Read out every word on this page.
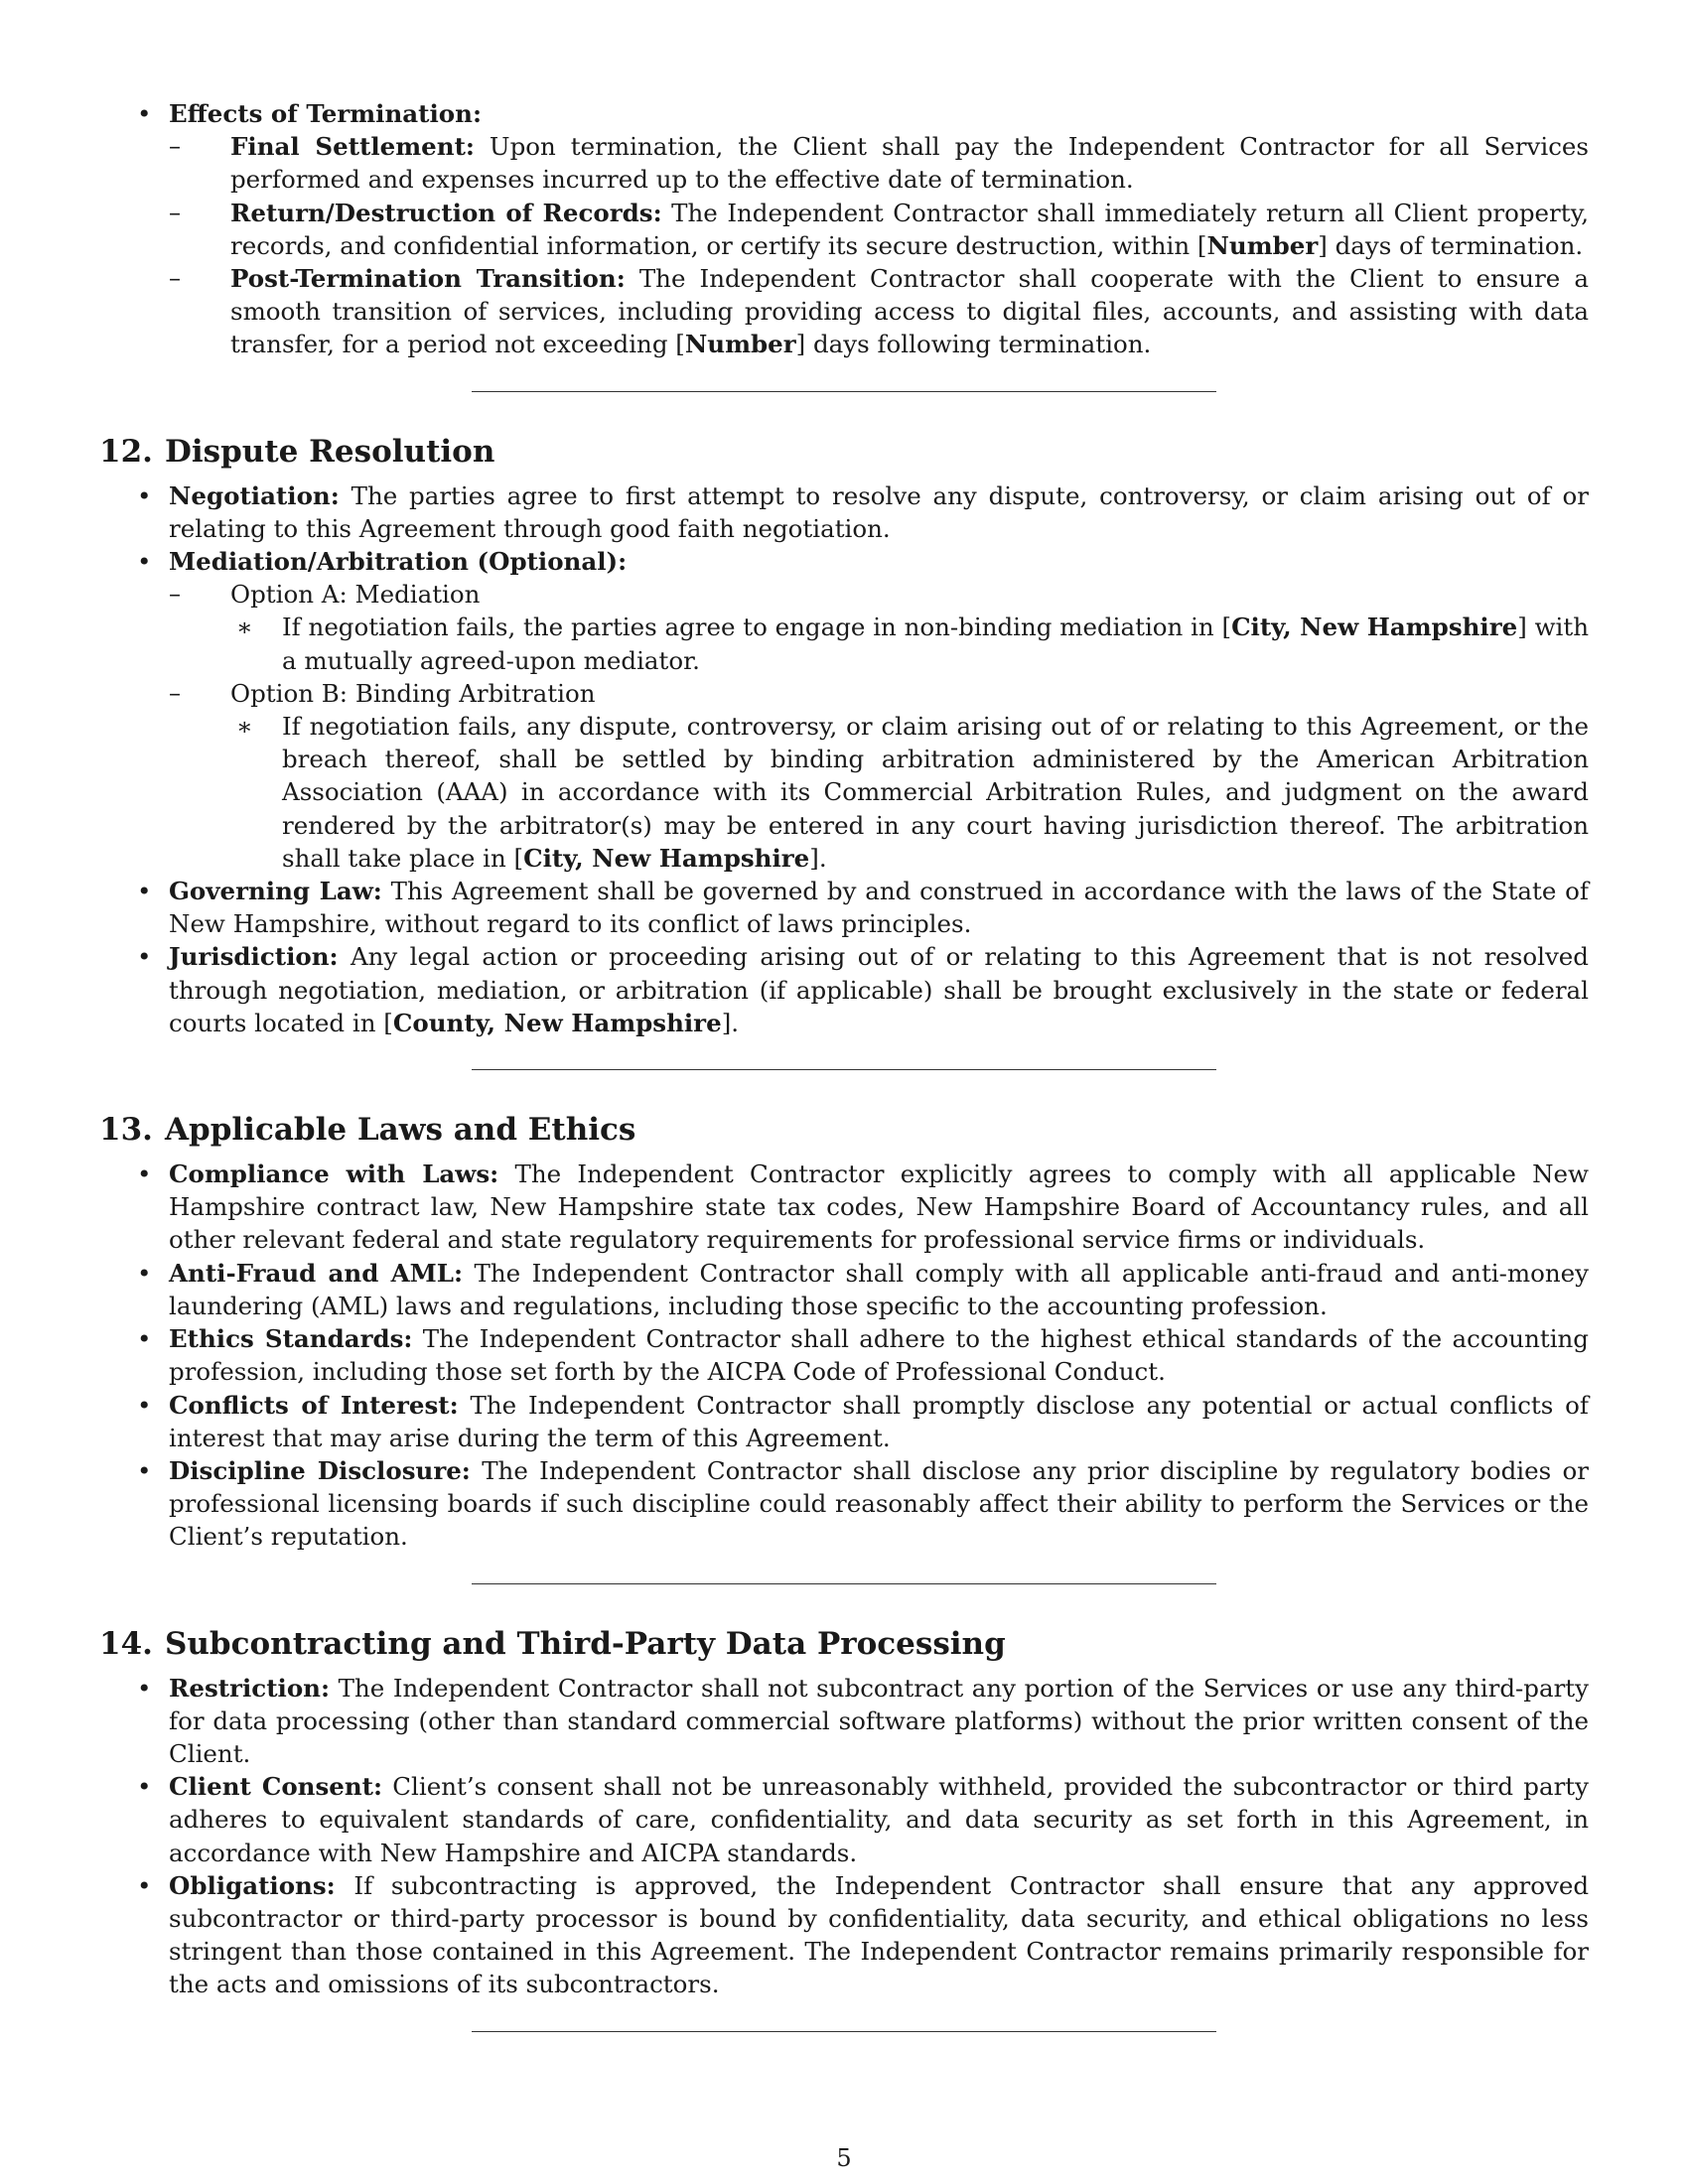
• Effects of Termination:
– Final Settlement: Upon termination, the Client shall pay the Independent Contractor for all Services performed and expenses incurred up to the effective date of termination.
– Return/Destruction of Records: The Independent Contractor shall immediately return all Client property, records, and confidential information, or certify its secure destruction, within [Number] days of termination.
– Post-Termination Transition: The Independent Contractor shall cooperate with the Client to ensure a smooth transition of services, including providing access to digital files, accounts, and assisting with data transfer, for a period not exceeding [Number] days following termination.
12. Dispute Resolution
• Negotiation: The parties agree to first attempt to resolve any dispute, controversy, or claim arising out of or relating to this Agreement through good faith negotiation.
• Mediation/Arbitration (Optional):
– Option A: Mediation
∗ If negotiation fails, the parties agree to engage in non-binding mediation in [City, New Hampshire] with a mutually agreed-upon mediator.
– Option B: Binding Arbitration
∗ If negotiation fails, any dispute, controversy, or claim arising out of or relating to this Agreement, or the breach thereof, shall be settled by binding arbitration administered by the American Arbitration Association (AAA) in accordance with its Commercial Arbitration Rules, and judgment on the award rendered by the arbitrator(s) may be entered in any court having jurisdiction thereof. The arbitration shall take place in [City, New Hampshire].
• Governing Law: This Agreement shall be governed by and construed in accordance with the laws of the State of New Hampshire, without regard to its conflict of laws principles.
• Jurisdiction: Any legal action or proceeding arising out of or relating to this Agreement that is not resolved through negotiation, mediation, or arbitration (if applicable) shall be brought exclusively in the state or federal courts located in [County, New Hampshire].
13. Applicable Laws and Ethics
• Compliance with Laws: The Independent Contractor explicitly agrees to comply with all applicable New Hampshire contract law, New Hampshire state tax codes, New Hampshire Board of Accountancy rules, and all other relevant federal and state regulatory requirements for professional service firms or individuals.
• Anti-Fraud and AML: The Independent Contractor shall comply with all applicable anti-fraud and anti-money laundering (AML) laws and regulations, including those specific to the accounting profession.
• Ethics Standards: The Independent Contractor shall adhere to the highest ethical standards of the accounting profession, including those set forth by the AICPA Code of Professional Conduct.
• Conflicts of Interest: The Independent Contractor shall promptly disclose any potential or actual conflicts of interest that may arise during the term of this Agreement.
• Discipline Disclosure: The Independent Contractor shall disclose any prior discipline by regulatory bodies or professional licensing boards if such discipline could reasonably affect their ability to perform the Services or the Client’s reputation.
14. Subcontracting and Third-Party Data Processing
• Restriction: The Independent Contractor shall not subcontract any portion of the Services or use any third-party for data processing (other than standard commercial software platforms) without the prior written consent of the Client.
• Client Consent: Client’s consent shall not be unreasonably withheld, provided the subcontractor or third party adheres to equivalent standards of care, confidentiality, and data security as set forth in this Agreement, in accordance with New Hampshire and AICPA standards.
• Obligations: If subcontracting is approved, the Independent Contractor shall ensure that any approved subcontractor or third-party processor is bound by confidentiality, data security, and ethical obligations no less stringent than those contained in this Agreement. The Independent Contractor remains primarily responsible for the acts and omissions of its subcontractors.
5
